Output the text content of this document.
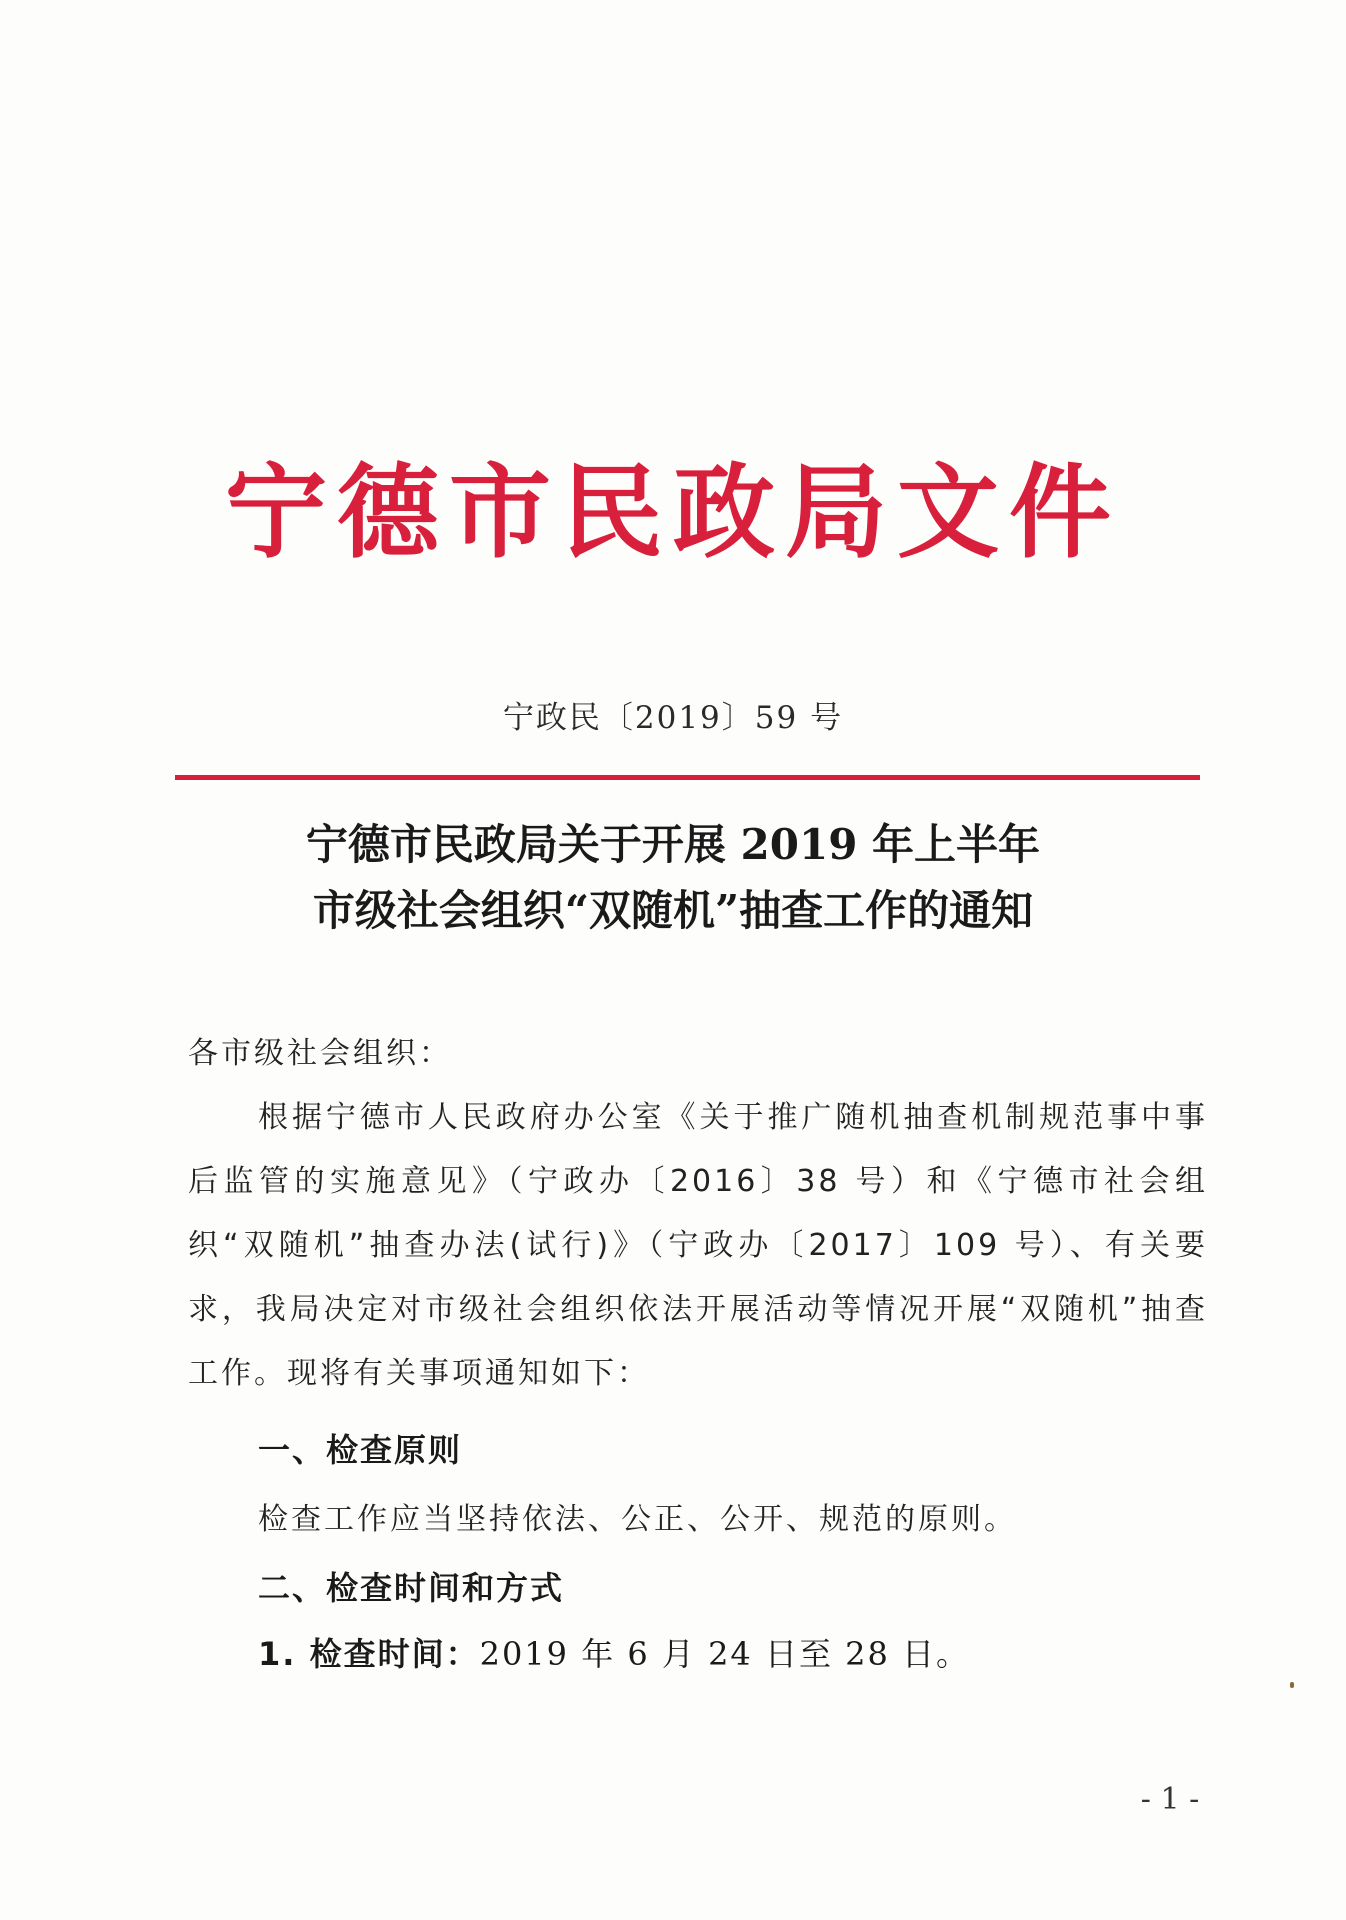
宁德市民政局文件
宁政民〔2019〕59 号
宁德市民政局关于开展 2019 年上半年
市级社会组织“双随机”抽查工作的通知
各市级社会组织：
根据宁德市人民政府办公室《关于推广随机抽查机制规范事中事后监管的实施意见》（宁政办〔2016〕38 号）和《宁德市社会组织“双随机”抽查办法(试行)》（宁政办〔2017〕109 号）、有关要求，我局决定对市级社会组织依法开展活动等情况开展“双随机”抽查工作。现将有关事项通知如下：
一、检查原则
检查工作应当坚持依法、公正、公开、规范的原则。
二、检查时间和方式
1. 检查时间：2019 年 6 月 24 日至 28 日。
- 1 -
